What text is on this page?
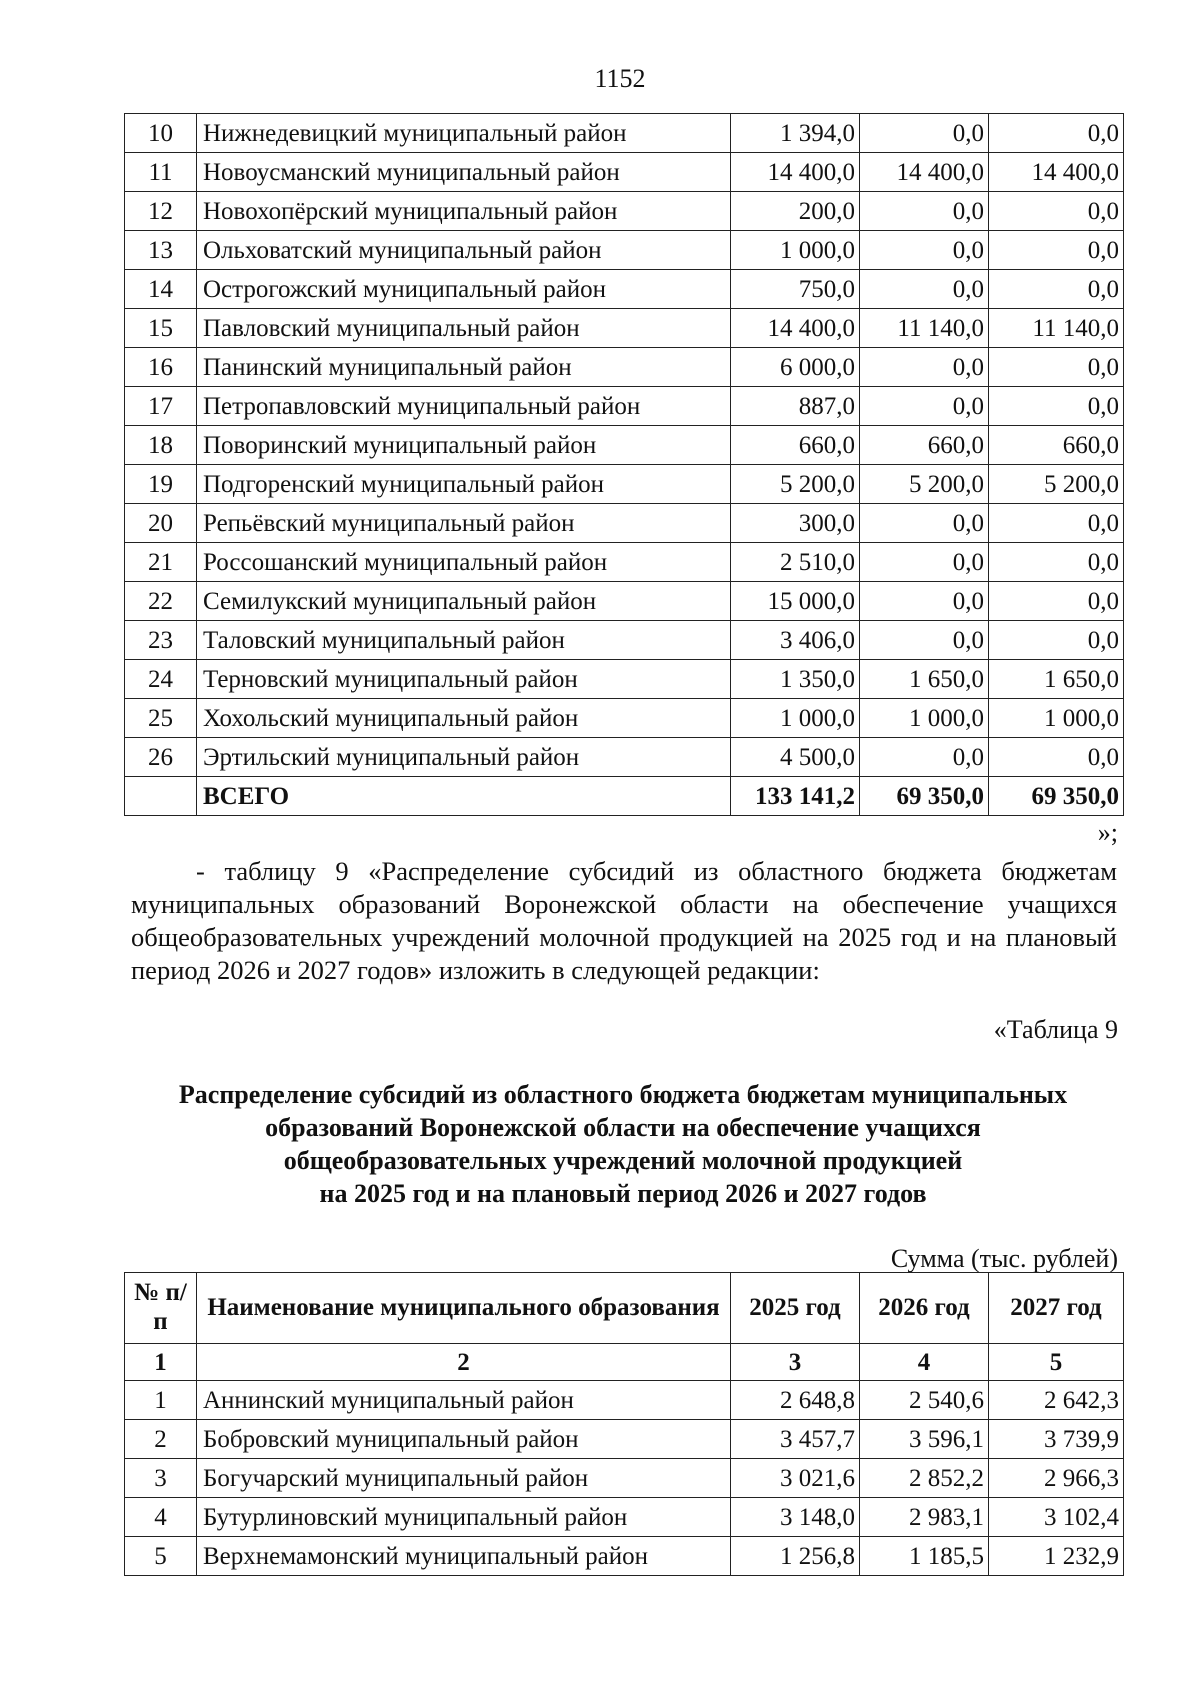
1152
10	Нижнедевицкий муниципальный район	1 394,0	0,0	0,0
11	Новоусманский муниципальный район	14 400,0	14 400,0	14 400,0
12	Новохопёрский муниципальный район	200,0	0,0	0,0
13	Ольховатский муниципальный район	1 000,0	0,0	0,0
14	Острогожский муниципальный район	750,0	0,0	0,0
15	Павловский муниципальный район	14 400,0	11 140,0	11 140,0
16	Панинский муниципальный район	6 000,0	0,0	0,0
17	Петропавловский муниципальный район	887,0	0,0	0,0
18	Поворинский муниципальный район	660,0	660,0	660,0
19	Подгоренский муниципальный район	5 200,0	5 200,0	5 200,0
20	Репьёвский муниципальный район	300,0	0,0	0,0
21	Россошанский муниципальный район	2 510,0	0,0	0,0
22	Семилукский муниципальный район	15 000,0	0,0	0,0
23	Таловский муниципальный район	3 406,0	0,0	0,0
24	Терновский муниципальный район	1 350,0	1 650,0	1 650,0
25	Хохольский муниципальный район	1 000,0	1 000,0	1 000,0
26	Эртильский муниципальный район	4 500,0	0,0	0,0
	ВСЕГО	133 141,2	69 350,0	69 350,0
»;
- таблицу 9 «Распределение субсидий из областного бюджета бюджетам муниципальных образований Воронежской области на обеспечение учащихся общеобразовательных учреждений молочной продукцией на 2025 год и на плановый период 2026 и 2027 годов» изложить в следующей редакции:
«Таблица 9
Распределение субсидий из областного бюджета бюджетам муниципальных
образований Воронежской области на обеспечение учащихся
общеобразовательных учреждений молочной продукцией
на 2025 год и на плановый период 2026 и 2027 годов
Сумма (тыс. рублей)
№ п/п	Наименование муниципального образования	2025 год	2026 год	2027 год
1	2	3	4	5
1	Аннинский муниципальный район	2 648,8	2 540,6	2 642,3
2	Бобровский муниципальный район	3 457,7	3 596,1	3 739,9
3	Богучарский муниципальный район	3 021,6	2 852,2	2 966,3
4	Бутурлиновский муниципальный район	3 148,0	2 983,1	3 102,4
5	Верхнемамонский муниципальный район	1 256,8	1 185,5	1 232,9
